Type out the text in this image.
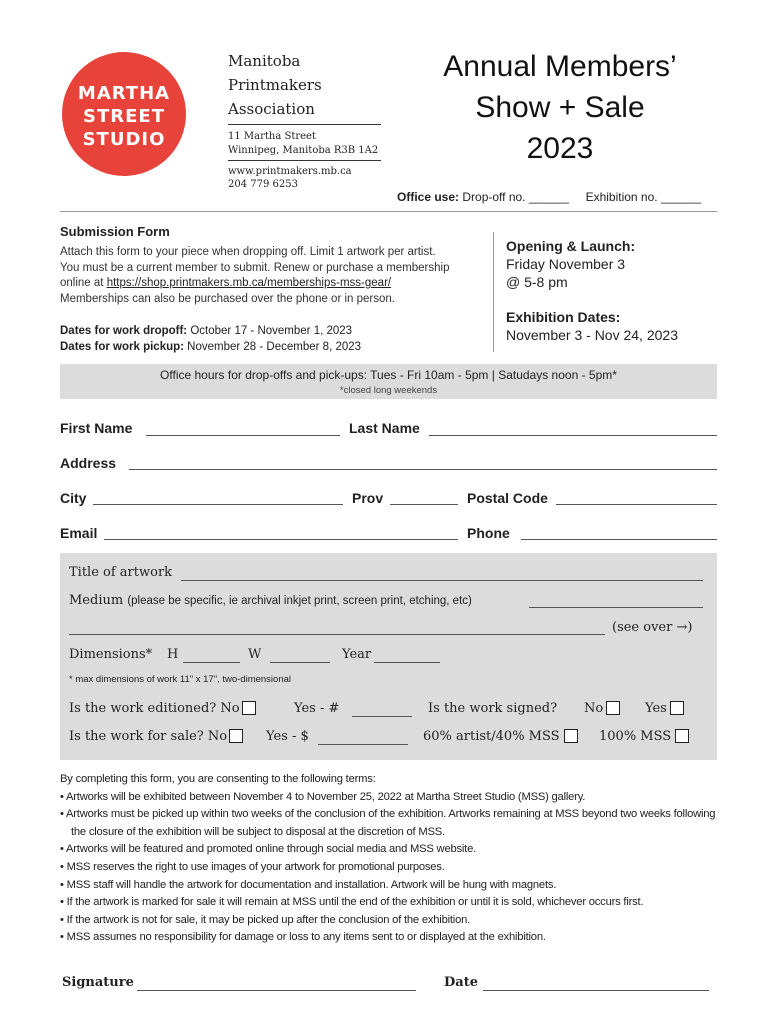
MARTHA
STREET
STUDIO
Manitoba
Printmakers
Association
11 Martha Street
Winnipeg, Manitoba R3B 1A2
www.printmakers.mb.ca
204 779 6253
Annual Members’
Show + Sale
2023
Office use: Drop-off no. ______ Exhibition no. ______
Submission Form
Attach this form to your piece when dropping off. Limit 1 artwork per artist.
You must be a current member to submit. Renew or purchase a membership
online at https://shop.printmakers.mb.ca/memberships-mss-gear/
Memberships can also be purchased over the phone or in person.
Dates for work dropoff: October 17 - November 1, 2023
Dates for work pickup: November 28 - December 8, 2023
Opening & Launch:
Friday November 3
@ 5-8 pm
Exhibition Dates:
November 3 - Nov 24, 2023
Office hours for drop-offs and pick-ups: Tues - Fri 10am - 5pm | Satudays noon - 5pm*
*closed long weekends
First Name	Last Name
Address
City	Prov	Postal Code
Email	Phone
Title of artwork
Medium (please be specific, ie archival inkjet print, screen print, etching, etc)
(see over →)
Dimensions* H	W	Year
* max dimensions of work 11" x 17", two-dimensional
Is the work editioned? No	Yes - #	Is the work signed? No	Yes
Is the work for sale? No	Yes - $	60% artist/40% MSS	100% MSS
By completing this form, you are consenting to the following terms:
• Artworks will be exhibited between November 4 to November 25, 2022 at Martha Street Studio (MSS) gallery.
• Artworks must be picked up within two weeks of the conclusion of the exhibition. Artworks remaining at MSS beyond two weeks following the closure of the exhibition will be subject to disposal at the discretion of MSS.
• Artworks will be featured and promoted online through social media and MSS website.
• MSS reserves the right to use images of your artwork for promotional purposes.
• MSS staff will handle the artwork for documentation and installation. Artwork will be hung with magnets.
• If the artwork is marked for sale it will remain at MSS until the end of the exhibition or until it is sold, whichever occurs first.
• If the artwork is not for sale, it may be picked up after the conclusion of the exhibition.
• MSS assumes no responsibility for damage or loss to any items sent to or displayed at the exhibition.
Signature	Date
